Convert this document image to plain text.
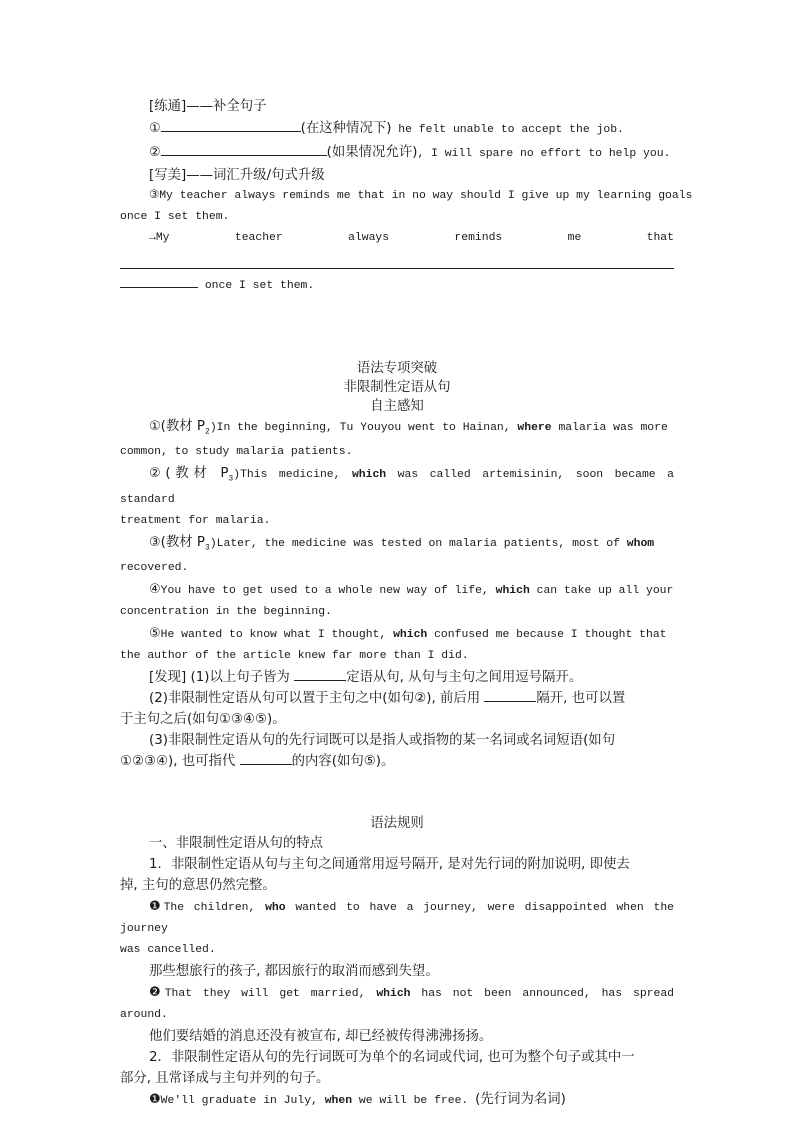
[练通]——补全句子
①	(在这种情况下) he felt unable to accept the job.
②	(如果情况允许), I will spare no effort to help you.
[写美]——词汇升级/句式升级
③My teacher always reminds me that in no way should I give up my learning goals
once I set them.
→My	teacher	always	reminds	me	that
once I set them.
语法专项突破
非限制性定语从句
自主感知
①(教材 $P_2)In$ the beginning, Tu Youyou went to Hainan, where malaria was more
common, to study malaria patients.
②(教材 $P_3)This$ medicine, which was called artemisinin, soon became a standard
treatment for malaria.
③(教材 $P_3)Later$, the medicine was tested on malaria patients, most of whom
recovered.
④You have to get used to a whole new way of life, which can take up all your
concentration in the beginning.
⑤He wanted to know what I thought, which confused me because I thought that
the author of the article knew far more than I did.
[发现] (1)以上句子皆为	定语从句, 从句与主句之间用逗号隔开。
(2)非限制性定语从句可以置于主句之中(如句②), 前后用	隔开, 也可以置
于主句之后(如句①③④⑤)。
(3)非限制性定语从句的先行词既可以是指人或指物的某一名词或名词短语(如句
①②③④), 也可指代	的内容(如句⑤)。
语法规则
一、非限制性定语从句的特点
1．非限制性定语从句与主句之间通常用逗号隔开, 是对先行词的附加说明, 即使去
掉, 主句的意思仍然完整。
❶The children, who wanted to have a journey, were disappointed when the journey
was cancelled.
那些想旅行的孩子, 都因旅行的取消而感到失望。
❷That they will get married, which has not been announced, has spread around.
他们要结婚的消息还没有被宣布, 却已经被传得沸沸扬扬。
2．非限制性定语从句的先行词既可为单个的名词或代词, 也可为整个句子或其中一
部分, 且常译成与主句并列的句子。
❶We'll graduate in July, when we will be free. (先行词为名词)
